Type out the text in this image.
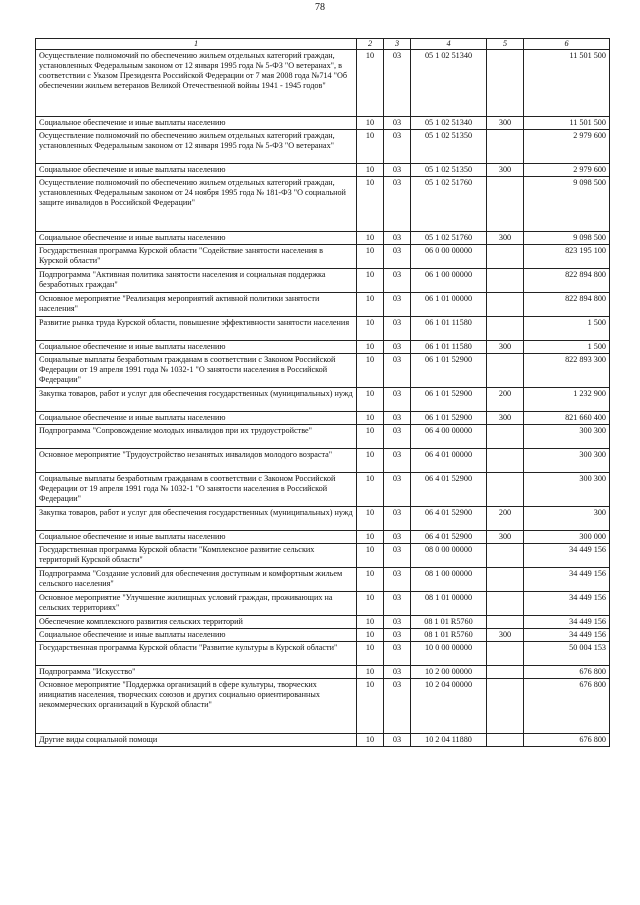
78
1	2	3	4	5	6
Осуществление полномочий по обеспечению жильем отдельных категорий граждан, установленных Федеральным законом от 12 января 1995 года № 5-ФЗ "О ветеранах", в соответствии с Указом Президента Российской Федерации от 7 мая 2008 года №714 "Об обеспечении жильем ветеранов Великой Отечественной войны 1941 - 1945 годов"	10	03	05 1 02 51340		11 501 500
Социальное обеспечение и иные выплаты населению	10	03	05 1 02 51340	300	11 501 500
Осуществление полномочий по обеспечению жильем отдельных категорий граждан, установленных Федеральным законом от 12 января 1995 года № 5-ФЗ "О ветеранах"	10	03	05 1 02 51350		2 979 600
Социальное обеспечение и иные выплаты населению	10	03	05 1 02 51350	300	2 979 600
Осуществление полномочий по обеспечению жильем отдельных категорий граждан, установленных Федеральным законом от 24 ноября 1995 года № 181-ФЗ "О социальной защите инвалидов в Российской Федерации"	10	03	05 1 02 51760		9 098 500
Социальное обеспечение и иные выплаты населению	10	03	05 1 02 51760	300	9 098 500
Государственная программа Курской области "Содействие занятости населения в Курской области"	10	03	06 0 00 00000		823 195 100
Подпрограмма "Активная политика занятости населения и социальная поддержка безработных граждан"	10	03	06 1 00 00000		822 894 800
Основное мероприятие "Реализация мероприятий активной политики занятости населения"	10	03	06 1 01 00000		822 894 800
Развитие рынка труда Курской области, повышение эффективности занятости населения	10	03	06 1 01 11580		1 500
Социальное обеспечение и иные выплаты населению	10	03	06 1 01 11580	300	1 500
Социальные выплаты безработным гражданам в соответствии с Законом Российской Федерации от 19 апреля 1991 года № 1032-1 "О занятости населения в Российской Федерации"	10	03	06 1 01 52900		822 893 300
Закупка товаров, работ и услуг для обеспечения государственных (муниципальных) нужд	10	03	06 1 01 52900	200	1 232 900
Социальное обеспечение и иные выплаты населению	10	03	06 1 01 52900	300	821 660 400
Подпрограмма "Сопровождение молодых инвалидов при их трудоустройстве"	10	03	06 4 00 00000		300 300
Основное мероприятие "Трудоустройство незанятых инвалидов молодого возраста"	10	03	06 4 01 00000		300 300
Социальные выплаты безработным гражданам в соответствии с Законом Российской Федерации от 19 апреля 1991 года № 1032-1 "О занятости населения в Российской Федерации"	10	03	06 4 01 52900		300 300
Закупка товаров, работ и услуг для обеспечения государственных (муниципальных) нужд	10	03	06 4 01 52900	200	300
Социальное обеспечение и иные выплаты населению	10	03	06 4 01 52900	300	300 000
Государственная программа Курской области "Комплексное развитие сельских территорий Курской области"	10	03	08 0 00 00000		34 449 156
Подпрограмма "Создание условий для обеспечения доступным и комфортным жильем сельского населения"	10	03	08 1 00 00000		34 449 156
Основное мероприятие "Улучшение жилищных условий граждан, проживающих на сельских территориях"	10	03	08 1 01 00000		34 449 156
Обеспечение комплексного развития сельских территорий	10	03	08 1 01 R5760		34 449 156
Социальное обеспечение и иные выплаты населению	10	03	08 1 01 R5760	300	34 449 156
Государственная программа Курской области "Развитие культуры в Курской области"	10	03	10 0 00 00000		50 004 153
Подпрограмма "Искусство"	10	03	10 2 00 00000		676 800
Основное мероприятие "Поддержка организаций в сфере культуры, творческих инициатив населения, творческих союзов и других социально ориентированных некоммерческих организаций в Курской области"	10	03	10 2 04 00000		676 800
Другие виды социальной помощи	10	03	10 2 04 11880		676 800
